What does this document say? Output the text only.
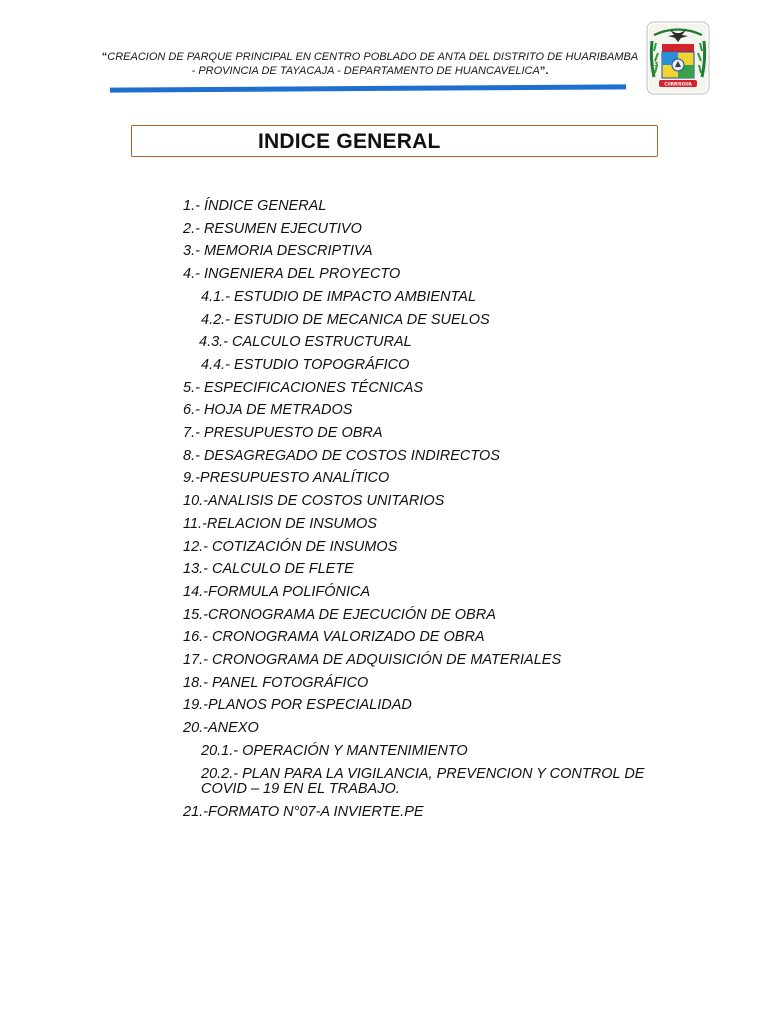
“CREACION DE PARQUE PRINCIPAL EN CENTRO POBLADO DE ANTA DEL DISTRITO DE HUARIBAMBA
- PROVINCIA DE TAYACAJA - DEPARTAMENTO DE HUANCAVELICA”.
CURRISGUA
33
INDICE GENERAL
1.- ÍNDICE GENERAL
2.- RESUMEN EJECUTIVO
3.- MEMORIA DESCRIPTIVA
4.- INGENIERA DEL PROYECTO
4.1.- ESTUDIO DE IMPACTO AMBIENTAL
4.2.- ESTUDIO DE MECANICA DE SUELOS
4.3.- CALCULO ESTRUCTURAL
4.4.- ESTUDIO TOPOGRÁFICO
5.- ESPECIFICACIONES TÉCNICAS
6.- HOJA DE METRADOS
7.- PRESUPUESTO DE OBRA
8.- DESAGREGADO DE COSTOS INDIRECTOS
9.-PRESUPUESTO ANALÍTICO
10.-ANALISIS DE COSTOS UNITARIOS
11.-RELACION DE INSUMOS
12.- COTIZACIÓN DE INSUMOS
13.- CALCULO DE FLETE
14.-FORMULA POLIFÓNICA
15.-CRONOGRAMA DE EJECUCIÓN DE OBRA
16.- CRONOGRAMA VALORIZADO DE OBRA
17.- CRONOGRAMA DE ADQUISICIÓN DE MATERIALES
18.- PANEL FOTOGRÁFICO
19.-PLANOS POR ESPECIALIDAD
20.-ANEXO
20.1.- OPERACIÓN Y MANTENIMIENTO
20.2.- PLAN PARA LA VIGILANCIA, PREVENCION Y CONTROL DE COVID – 19 EN EL TRABAJO.
21.-FORMATO N°07-A INVIERTE.PE
